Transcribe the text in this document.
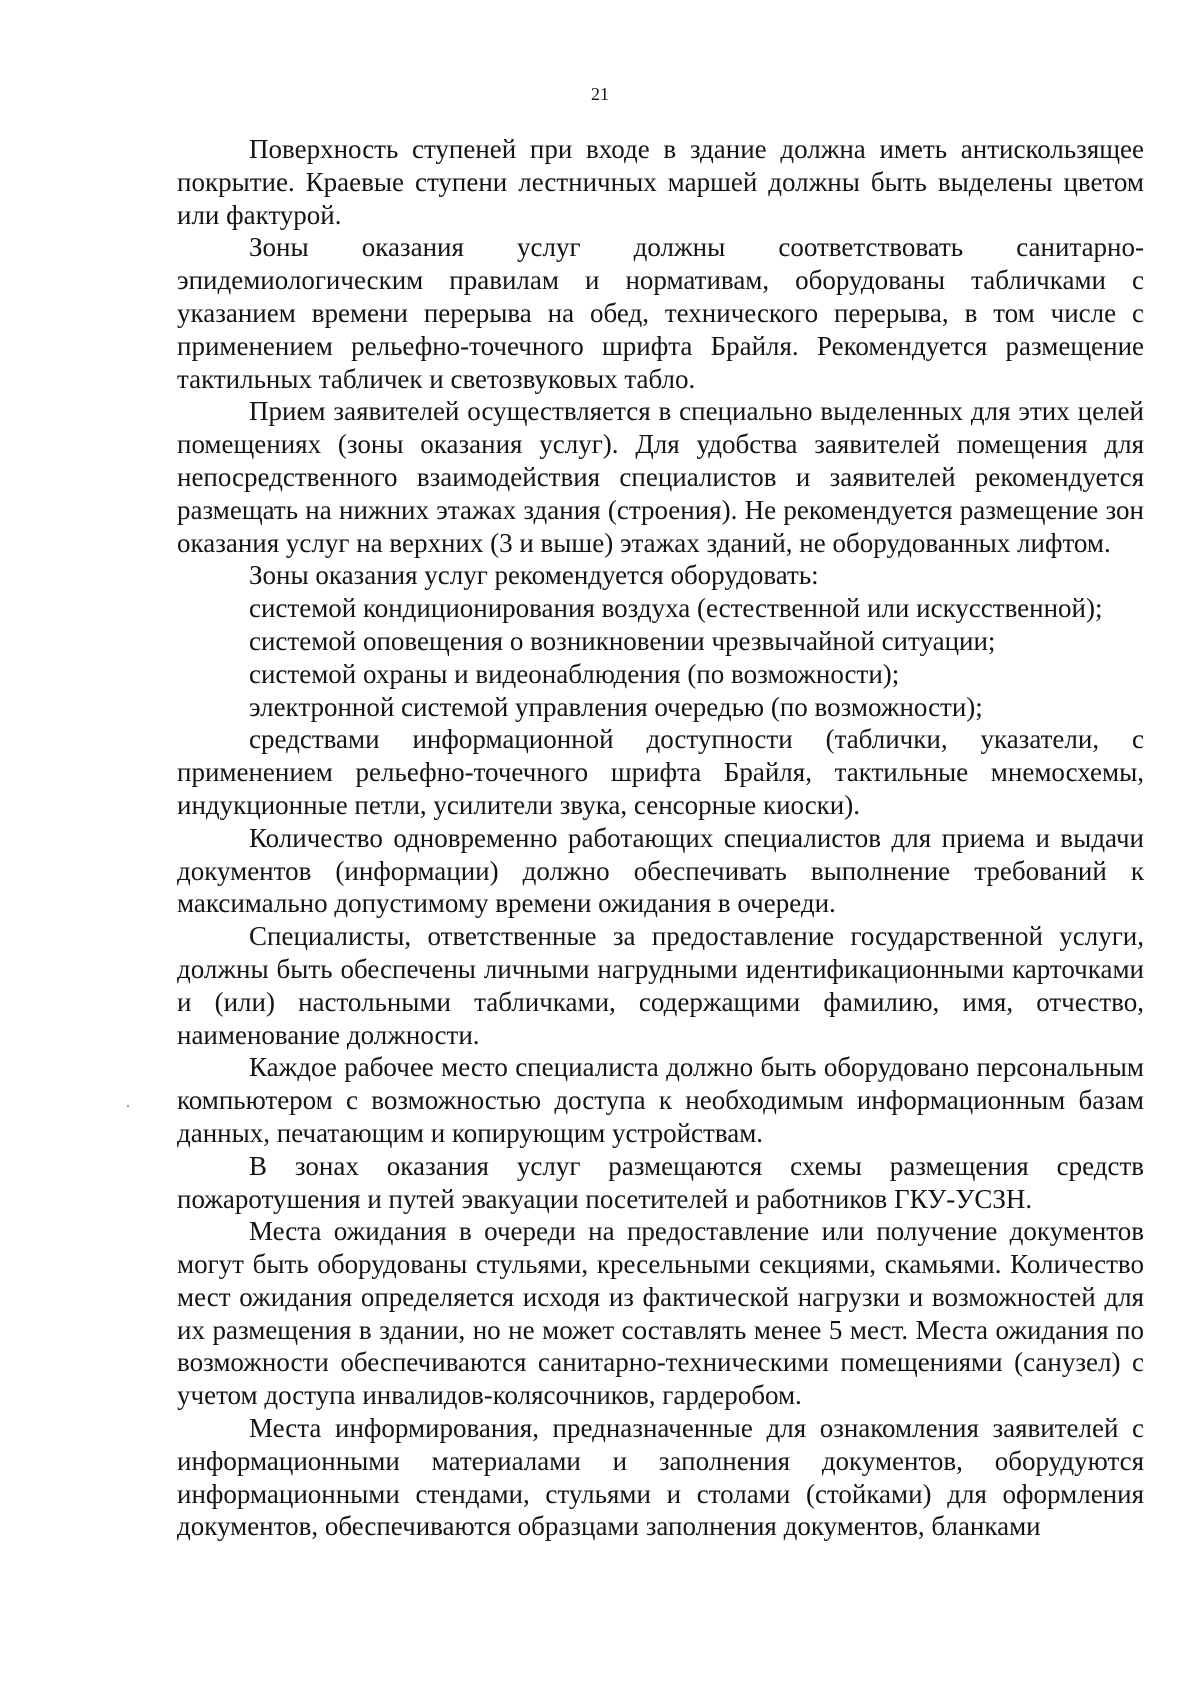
21

Поверхность ступеней при входе в здание должна иметь антискользящее покрытие. Краевые ступени лестничных маршей должны быть выделены цветом или фактурой.

Зоны оказания услуг должны соответствовать санитарно-эпидемиологическим правилам и нормативам, оборудованы табличками с указанием времени перерыва на обед, технического перерыва, в том числе с применением рельефно-точечного шрифта Брайля. Рекомендуется размещение тактильных табличек и светозвуковых табло.

Прием заявителей осуществляется в специально выделенных для этих целей помещениях (зоны оказания услуг). Для удобства заявителей помещения для непосредственного взаимодействия специалистов и заявителей рекомендуется размещать на нижних этажах здания (строения). Не рекомендуется размещение зон оказания услуг на верхних (3 и выше) этажах зданий, не оборудованных лифтом.

Зоны оказания услуг рекомендуется оборудовать:

системой кондиционирования воздуха (естественной или искусственной);

системой оповещения о возникновении чрезвычайной ситуации;

системой охраны и видеонаблюдения (по возможности);

электронной системой управления очередью (по возможности);

средствами информационной доступности (таблички, указатели, с применением рельефно-точечного шрифта Брайля, тактильные мнемосхемы, индукционные петли, усилители звука, сенсорные киоски).

Количество одновременно работающих специалистов для приема и выдачи документов (информации) должно обеспечивать выполнение требований к максимально допустимому времени ожидания в очереди.

Специалисты, ответственные за предоставление государственной услуги, должны быть обеспечены личными нагрудными идентификационными карточками и (или) настольными табличками, содержащими фамилию, имя, отчество, наименование должности.

Каждое рабочее место специалиста должно быть оборудовано персональным компьютером с возможностью доступа к необходимым информационным базам данных, печатающим и копирующим устройствам.

В зонах оказания услуг размещаются схемы размещения средств пожаротушения и путей эвакуации посетителей и работников ГКУ-УСЗН.

Места ожидания в очереди на предоставление или получение документов могут быть оборудованы стульями, кресельными секциями, скамьями. Количество мест ожидания определяется исходя из фактической нагрузки и возможностей для их размещения в здании, но не может составлять менее 5 мест. Места ожидания по возможности обеспечиваются санитарно-техническими помещениями (санузел) с учетом доступа инвалидов-колясочников, гардеробом.

Места информирования, предназначенные для ознакомления заявителей с информационными материалами и заполнения документов, оборудуются информационными стендами, стульями и столами (стойками) для оформления документов, обеспечиваются образцами заполнения документов, бланками
